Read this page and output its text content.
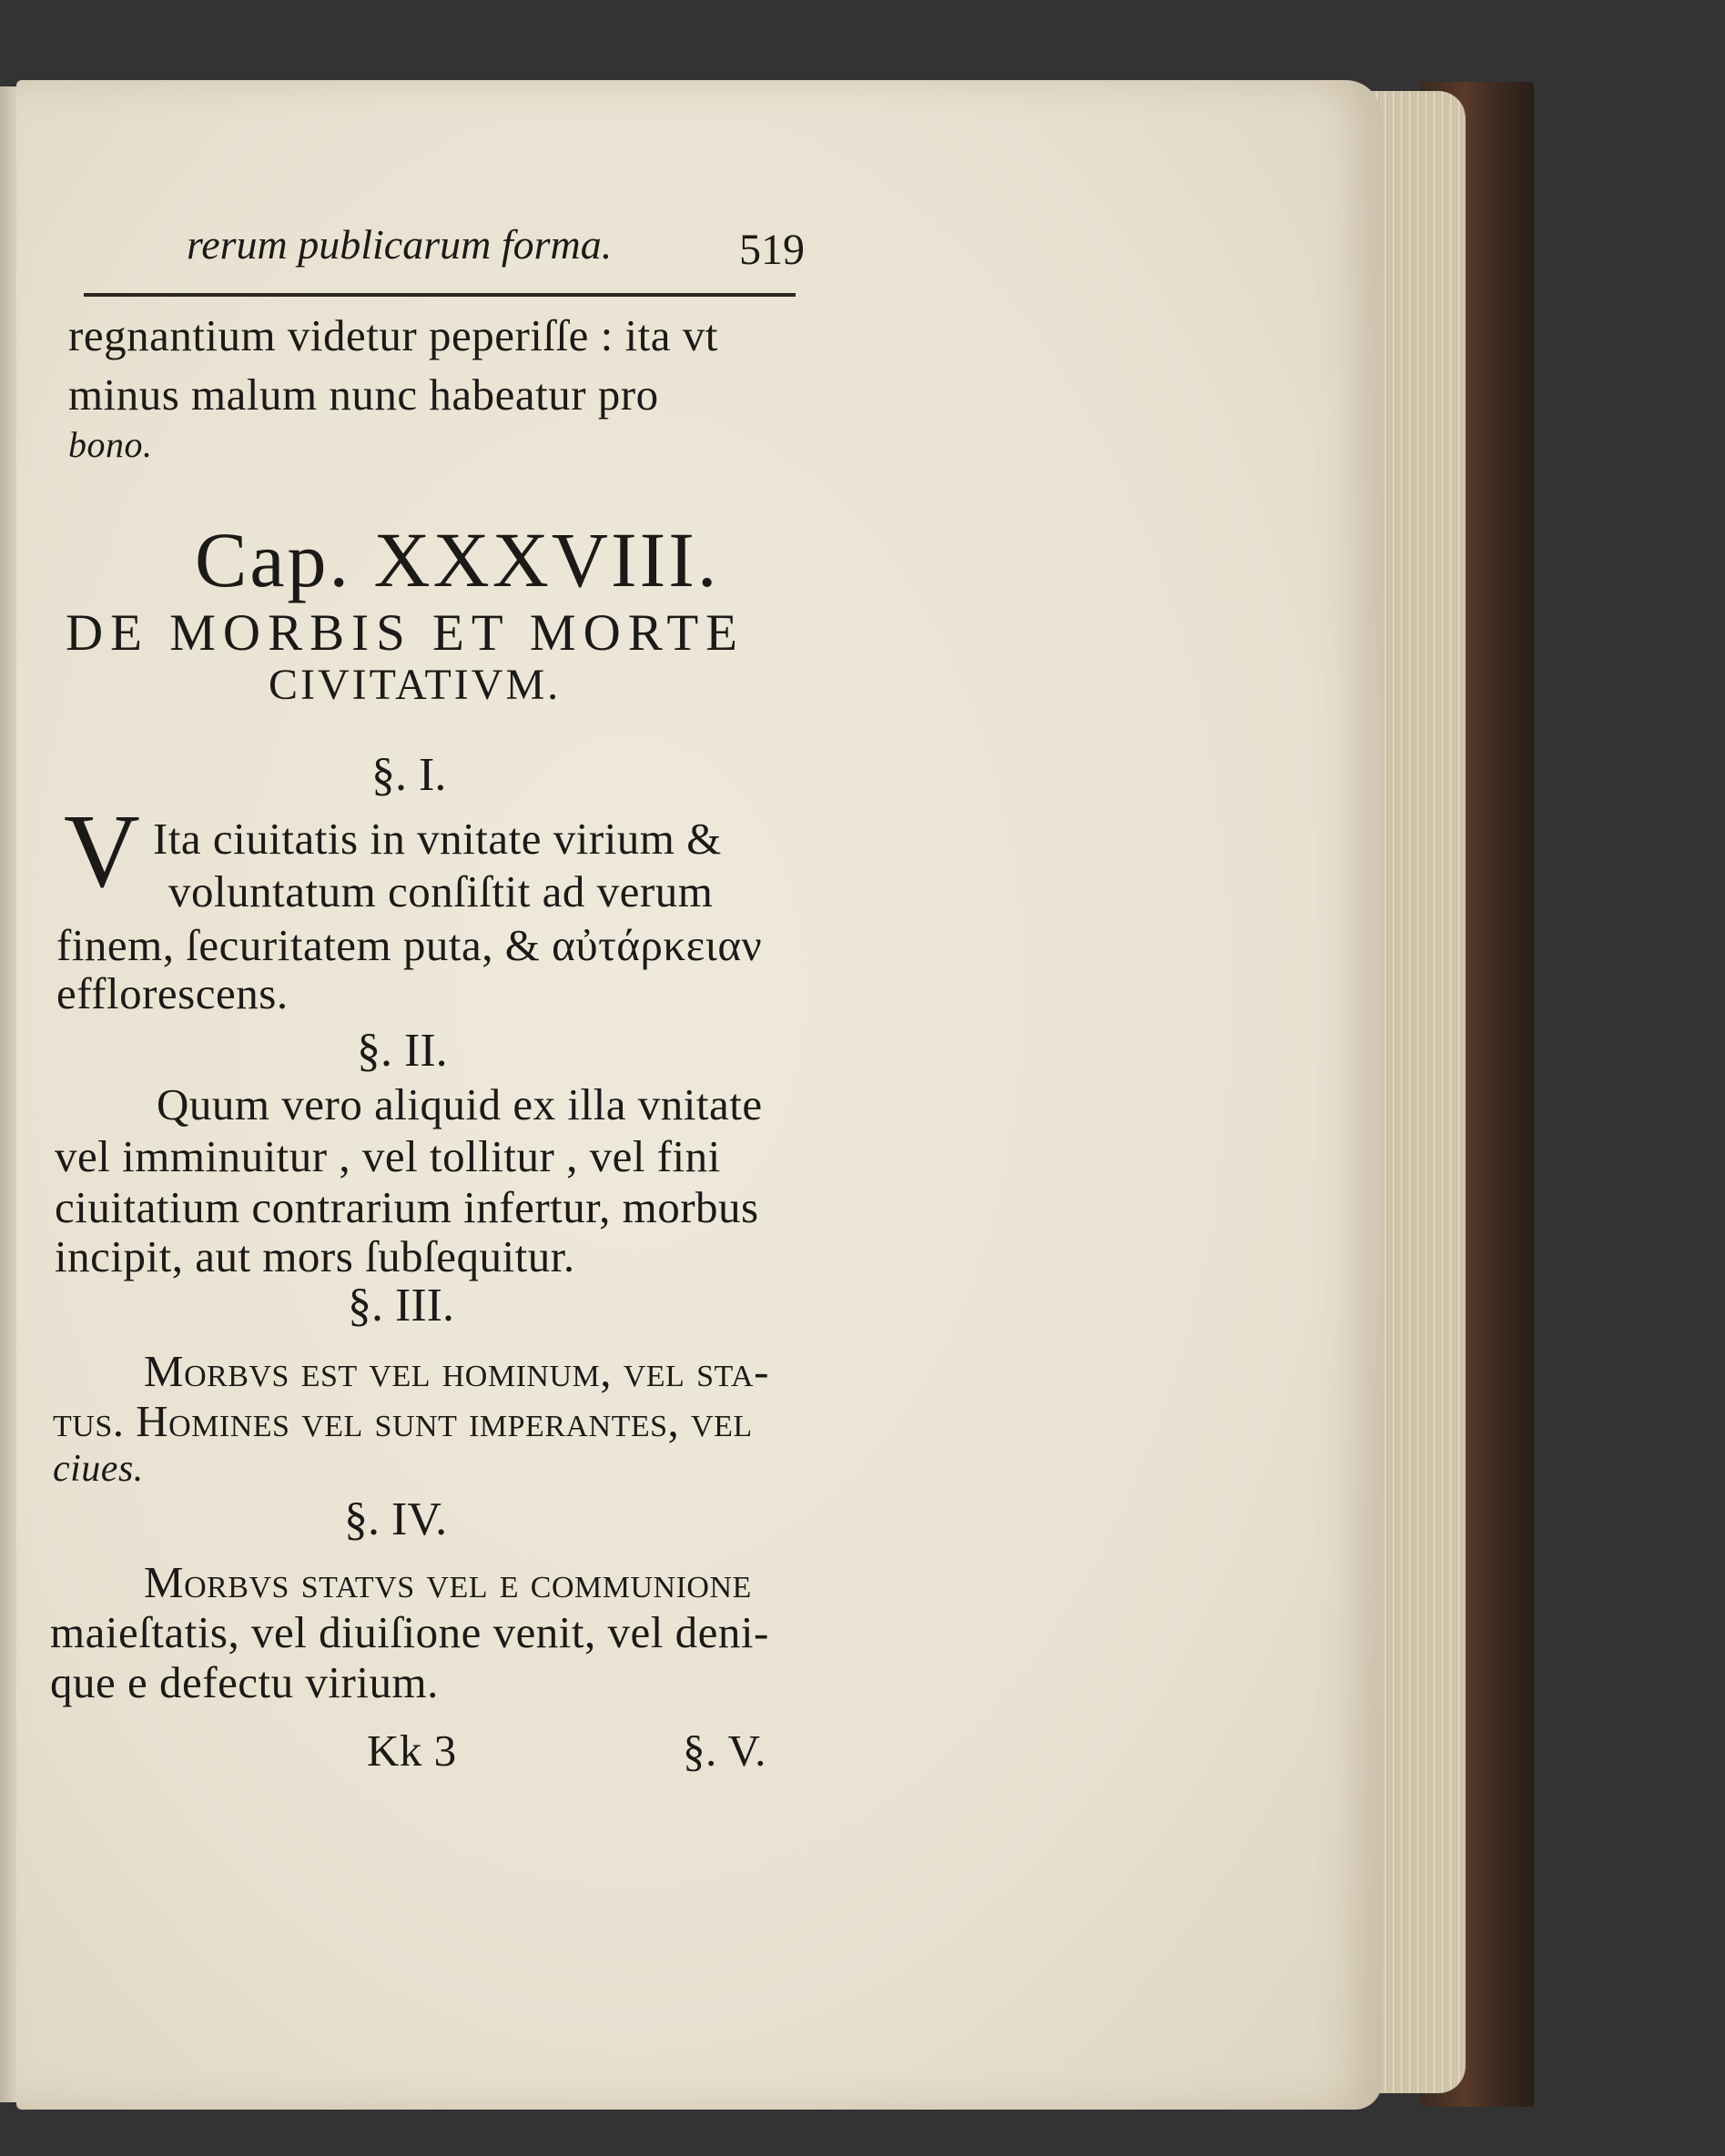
rerum publicarum forma.	519
regnantium videtur peperiſſe : ita vt
minus malum nunc habeatur pro
bono.
Cap. XXXVIII.
DE MORBIS ET MORTE
CIVITATIVM.
§. I.
V Ita ciuitatis in vnitate virium &
voluntatum conſiſtit ad verum
finem, ſecuritatem puta, & αὐτάρκειαν
efflorescens.
§. II.
Quum vero aliquid ex illa vnitate
vel imminuitur , vel tollitur , vel fini
ciuitatium contrarium infertur, morbus
incipit, aut mors ſubſequitur.
§. III.
Morbvs eſt vel hominum, vel ſta-
tus. Homines vel ſunt imperantes, vel
ciues.
§. IV.
Morbvs statvs vel e communione
maieſtatis, vel diuiſione venit, vel deni-
que e defectu virium.
Kk 3	§. V.
